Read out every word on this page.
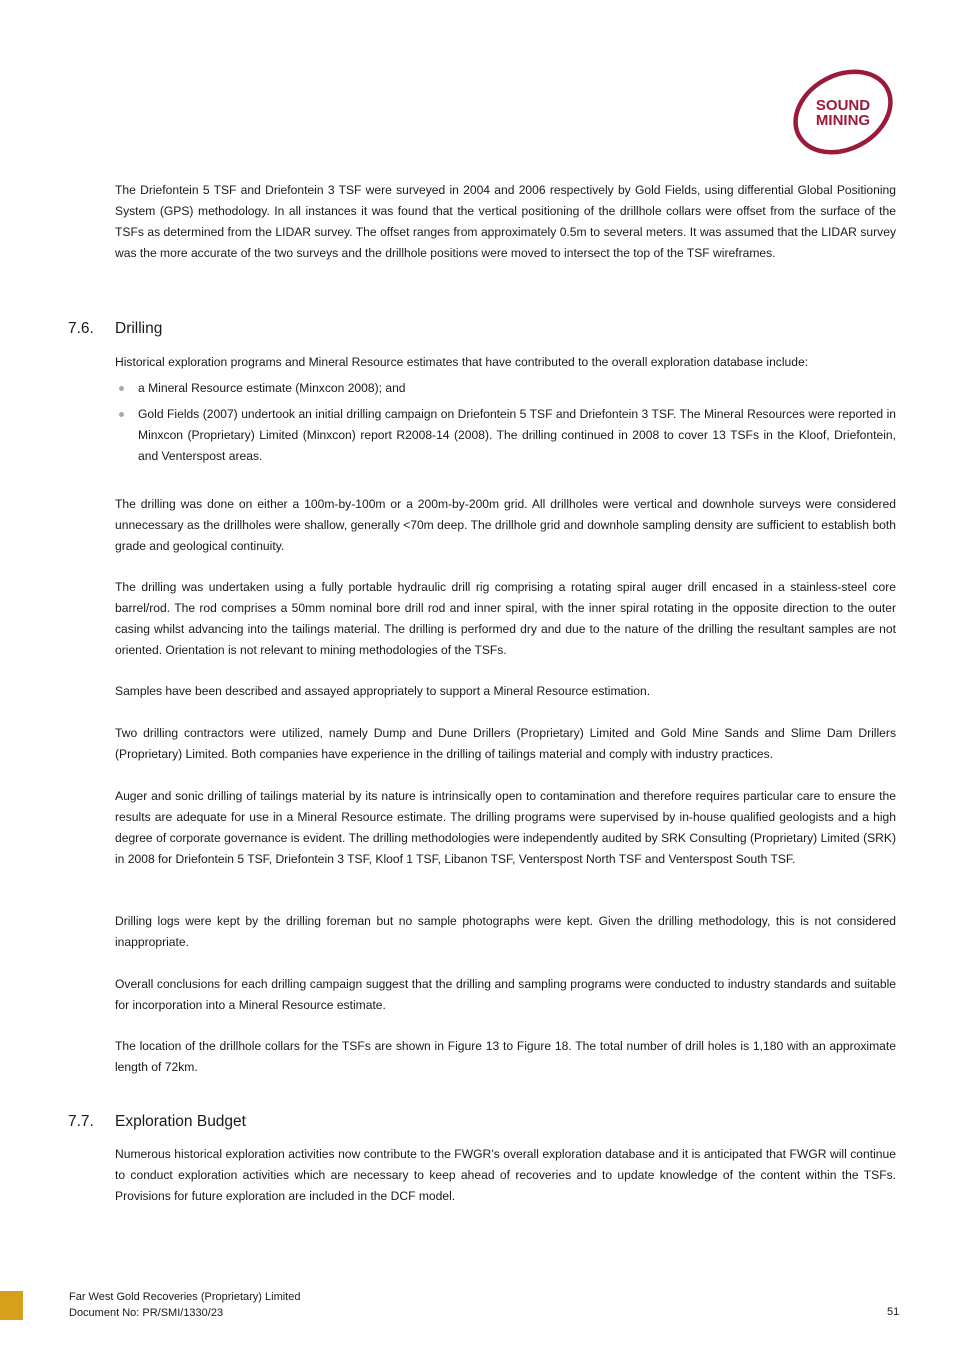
SOUND
MINING

The Driefontein 5 TSF and Driefontein 3 TSF were surveyed in 2004 and 2006 respectively by Gold Fields, using differential Global Positioning System (GPS) methodology. In all instances it was found that the vertical positioning of the drillhole collars were offset from the surface of the TSFs as determined from the LIDAR survey. The offset ranges from approximately 0.5m to several meters. It was assumed that the LIDAR survey was the more accurate of the two surveys and the drillhole positions were moved to intersect the top of the TSF wireframes.

7.6. Drilling

Historical exploration programs and Mineral Resource estimates that have contributed to the overall exploration database include:

a Mineral Resource estimate (Minxcon 2008); and
Gold Fields (2007) undertook an initial drilling campaign on Driefontein 5 TSF and Driefontein 3 TSF. The Mineral Resources were reported in Minxcon (Proprietary) Limited (Minxcon) report R2008-14 (2008). The drilling continued in 2008 to cover 13 TSFs in the Kloof, Driefontein, and Venterspost areas.

The drilling was done on either a 100m-by-100m or a 200m-by-200m grid. All drillholes were vertical and downhole surveys were considered unnecessary as the drillholes were shallow, generally <70m deep. The drillhole grid and downhole sampling density are sufficient to establish both grade and geological continuity.

The drilling was undertaken using a fully portable hydraulic drill rig comprising a rotating spiral auger drill encased in a stainless-steel core barrel/rod. The rod comprises a 50mm nominal bore drill rod and inner spiral, with the inner spiral rotating in the opposite direction to the outer casing whilst advancing into the tailings material. The drilling is performed dry and due to the nature of the drilling the resultant samples are not oriented. Orientation is not relevant to mining methodologies of the TSFs.

Samples have been described and assayed appropriately to support a Mineral Resource estimation.

Two drilling contractors were utilized, namely Dump and Dune Drillers (Proprietary) Limited and Gold Mine Sands and Slime Dam Drillers (Proprietary) Limited. Both companies have experience in the drilling of tailings material and comply with industry practices.

Auger and sonic drilling of tailings material by its nature is intrinsically open to contamination and therefore requires particular care to ensure the results are adequate for use in a Mineral Resource estimate. The drilling programs were supervised by in-house qualified geologists and a high degree of corporate governance is evident. The drilling methodologies were independently audited by SRK Consulting (Proprietary) Limited (SRK) in 2008 for Driefontein 5 TSF, Driefontein 3 TSF, Kloof 1 TSF, Libanon TSF, Venterspost North TSF and Venterspost South TSF.

Drilling logs were kept by the drilling foreman but no sample photographs were kept. Given the drilling methodology, this is not considered inappropriate.

Overall conclusions for each drilling campaign suggest that the drilling and sampling programs were conducted to industry standards and suitable for incorporation into a Mineral Resource estimate.

The location of the drillhole collars for the TSFs are shown in Figure 13 to Figure 18. The total number of drill holes is 1,180 with an approximate length of 72km.

7.7. Exploration Budget

Numerous historical exploration activities now contribute to the FWGR’s overall exploration database and it is anticipated that FWGR will continue to conduct exploration activities which are necessary to keep ahead of recoveries and to update knowledge of the content within the TSFs. Provisions for future exploration are included in the DCF model.

Far West Gold Recoveries (Proprietary) Limited
Document No: PR/SMI/1330/23	51
